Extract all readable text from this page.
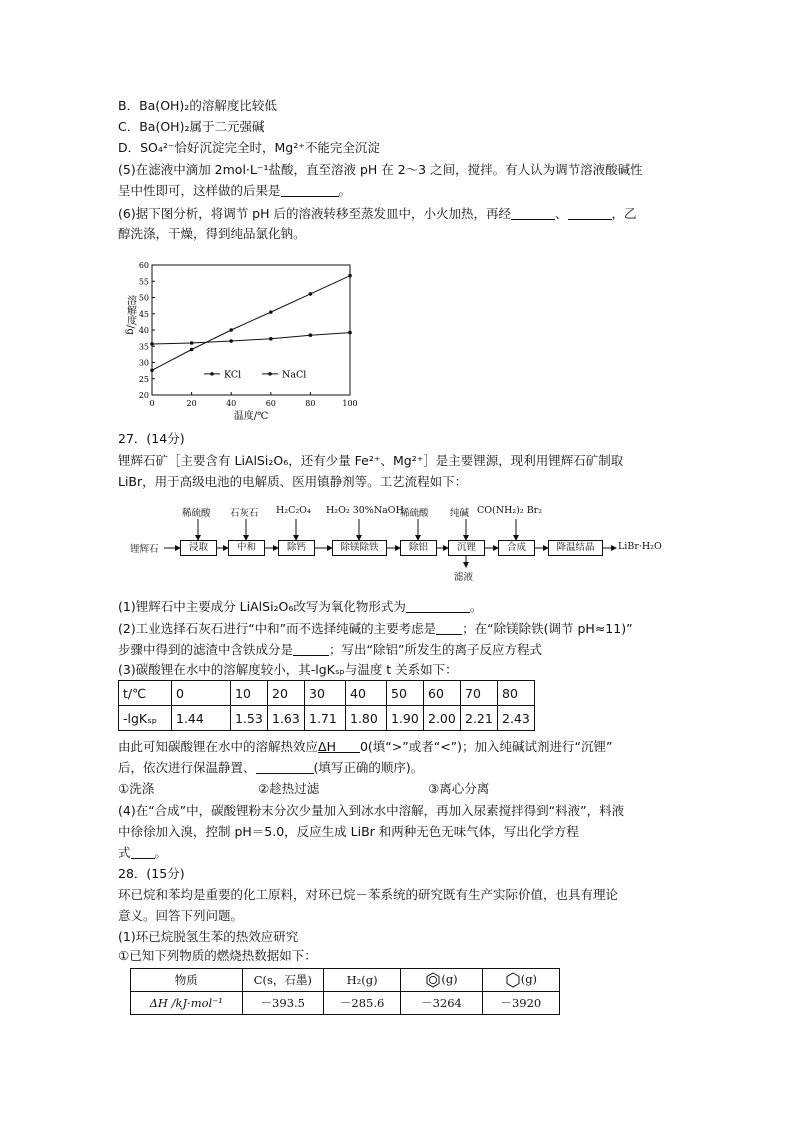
B．Ba(OH)₂的溶解度比较低
C．Ba(OH)₂属于二元强碱
D．SO₄²⁻恰好沉淀完全时，Mg²⁺不能完全沉淀
(5)在滤液中滴加 2mol·L⁻¹盐酸，直至溶液 pH 在 2～3 之间，搅拌。有人认为调节溶液酸碱性
呈中性即可，这样做的后果是	。
(6)据下图分析，将调节 pH 后的溶液转移至蒸发皿中，小火加热，再经	、	，乙
醇洗涤，干燥，得到纯品氯化钠。
0	20	40	60	80	100
20
25
30
35
40
45
50
55
60
KCl	NaCl
溶解度/g
温度/℃
27．(14分)
锂辉石矿［主要含有 LiAlSi₂O₆，还有少量 Fe²⁺、Mg²⁺］是主要锂源，现利用锂辉石矿制取
LiBr，用于高级电池的电解质、医用镇静剂等。工艺流程如下：
锂辉石	浸取	中和	除钙	除镁除铁	除铝	沉锂	合成	降温结晶	LiBr·H₂O
稀硫酸 石灰石 H₂C₂O₄ H₂O₂ 30%NaOH
稀硫酸 纯碱 CO(NH₂)₂ Br₂
滤液
(1)锂辉石中主要成分 LiAlSi₂O₆改写为氧化物形式为	。
(2)工业选择石灰石进行“中和”而不选择纯碱的主要考虑是 ；在“除镁除铁(调节 pH≈11)”
步骤中得到的滤渣中含铁成分是	；写出“除铝”所发生的离子反应方程式
(3)碳酸锂在水中的溶解度较小，其-lgKₛₚ与温度 t 关系如下：
t/℃	0	10	20	30	40	50	60	70	80
-lgKₛₚ	1.44	1.53	1.63	1.71	1.80	1.90	2.00	2.21	2.43
由此可知碳酸锂在水中的溶解热效应ΔH 0(填“>”或者“<”)；加入纯碱试剂进行“沉锂”
后，依次进行保温静置、	(填写正确的顺序)。
①洗涤	②趁热过滤	③离心分离
(4)在“合成”中，碳酸锂粉末分次少量加入到冰水中溶解，再加入尿素搅拌得到“料液”，料液
中徐徐加入溴，控制 pH＝5.0，反应生成 LiBr 和两种无色无味气体，写出化学方程
式 。
28．(15分)
环已烷和苯均是重要的化工原料，对环已烷－苯系统的研究既有生产实际价值，也具有理论
意义。回答下列问题。
(1)环已烷脱氢生苯的热效应研究
①已知下列物质的燃烧热数据如下：
物质	C(s，石墨)	H₂(g)	(g)	(g)
ΔH /kJ·mol⁻¹	－393.5	－285.6	－3264	－3920
